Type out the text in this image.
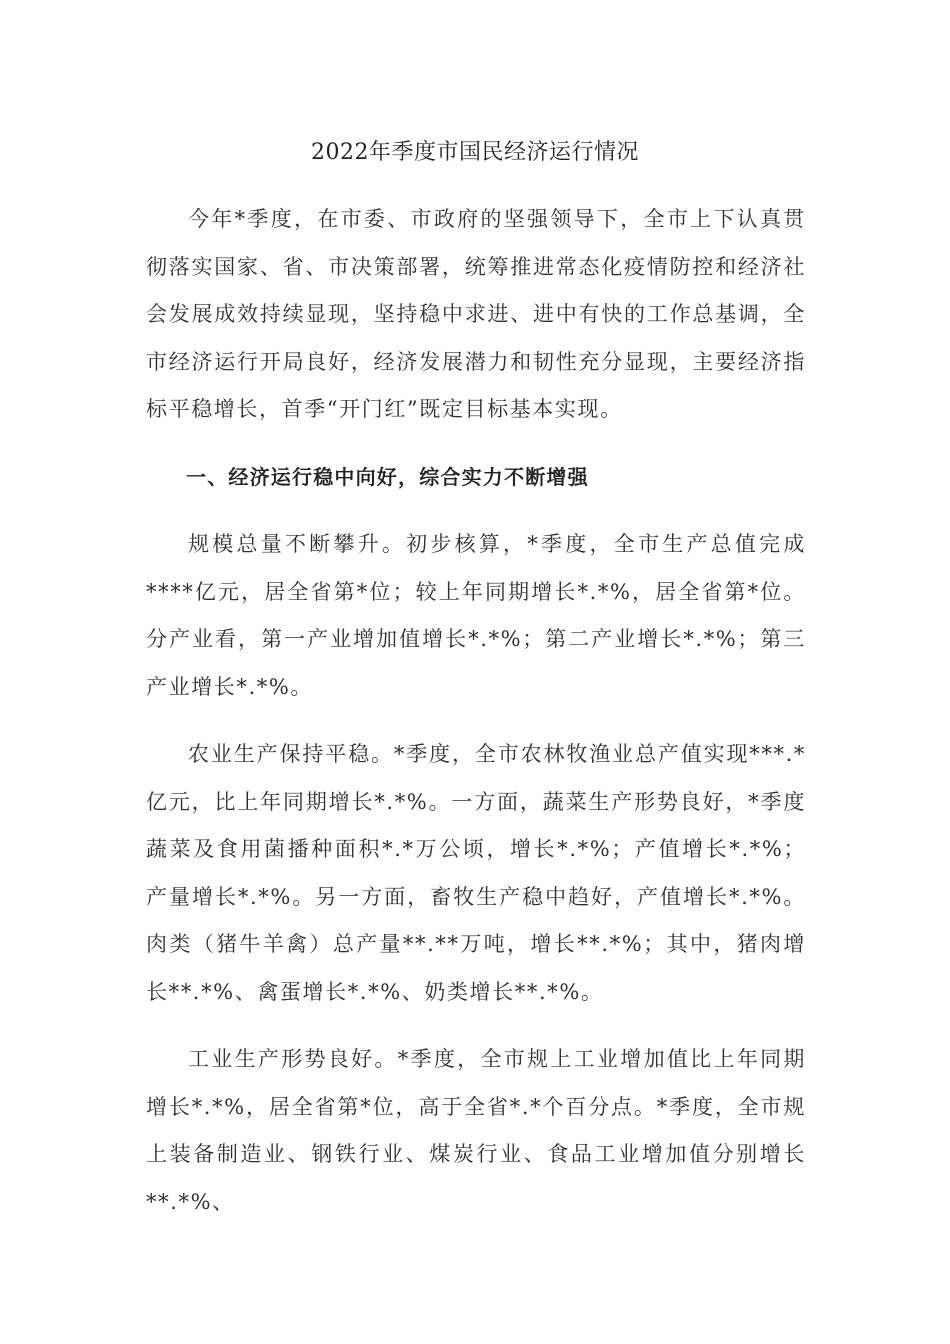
2022年季度市国民经济运行情况

今年*季度，在市委、市政府的坚强领导下，全市上下认真贯彻落实国家、省、市决策部署，统筹推进常态化疫情防控和经济社会发展成效持续显现，坚持稳中求进、进中有快的工作总基调，全市经济运行开局良好，经济发展潜力和韧性充分显现，主要经济指标平稳增长，首季“开门红”既定目标基本实现。

一、经济运行稳中向好，综合实力不断增强

规模总量不断攀升。初步核算，*季度，全市生产总值完成****亿元，居全省第*位；较上年同期增长*.*%，居全省第*位。分产业看，第一产业增加值增长*.*%；第二产业增长*.*%；第三产业增长*.*%。

农业生产保持平稳。*季度，全市农林牧渔业总产值实现***.*亿元，比上年同期增长*.*%。一方面，蔬菜生产形势良好，*季度蔬菜及食用菌播种面积*.*万公顷，增长*.*%；产值增长*.*%；产量增长*.*%。另一方面，畜牧生产稳中趋好，产值增长*.*%。肉类（猪牛羊禽）总产量**.**万吨，增长**.*%；其中，猪肉增长**.*%、禽蛋增长*.*%、奶类增长**.*%。

工业生产形势良好。*季度，全市规上工业增加值比上年同期增长*.*%，居全省第*位，高于全省*.*个百分点。*季度，全市规上装备制造业、钢铁行业、煤炭行业、食品工业增加值分别增长**.*%、
